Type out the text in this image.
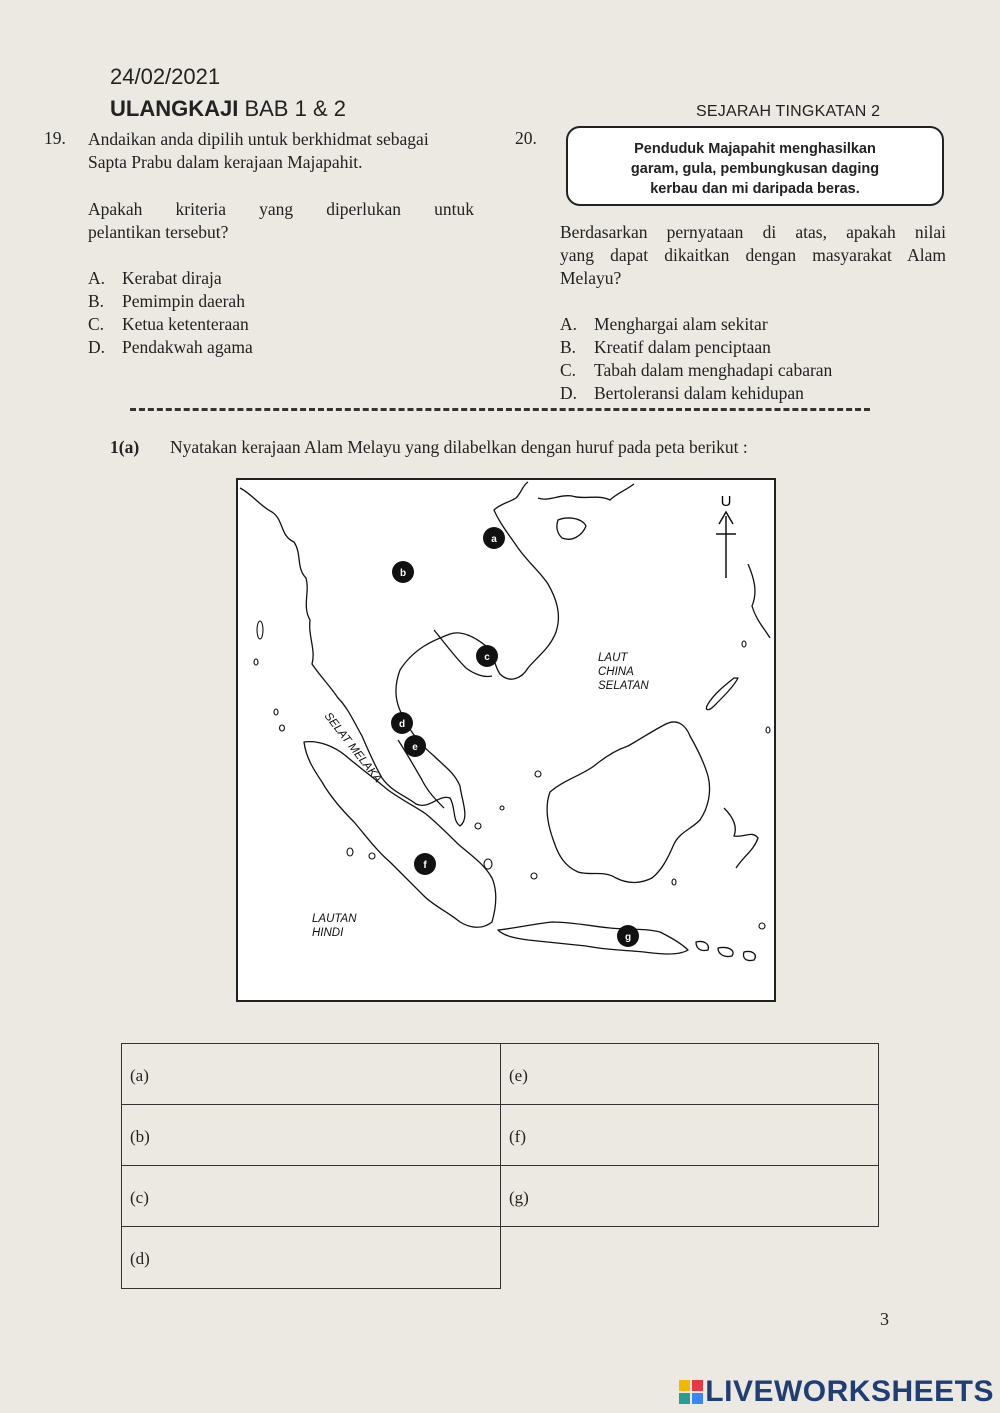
24/02/2021
ULANGKAJI BAB 1 & 2	SEJARAH TINGKATAN 2
19. Andaikan anda dipilih untuk berkhidmat sebagai
Sapta Prabu dalam kerajaan Majapahit.
Apakah kriteria yang diperlukan untuk
pelantikan tersebut?
A. Kerabat diraja
B. Pemimpin daerah
C. Ketua ketenteraan
D. Pendakwah agama
20.
Penduduk Majapahit menghasilkan
garam, gula, pembungkusan daging
kerbau dan mi daripada beras.
Berdasarkan pernyataan di atas, apakah nilai
yang dapat dikaitkan dengan masyarakat Alam
Melayu?
A. Menghargai alam sekitar
B. Kreatif dalam penciptaan
C. Tabah dalam menghadapi cabaran
D. Bertoleransi dalam kehidupan
1(a) Nyatakan kerajaan Alam Melayu yang dilabelkan dengan huruf pada peta berikut :
U
LAUT
CHINA
SELATAN
SELAT MELAKA
LAUTAN
HINDI
a
b
c
d
e
f
g
(a)	(e)
(b)	(f)
(c)	(g)
(d)
3
LIVEWORKSHEETS
